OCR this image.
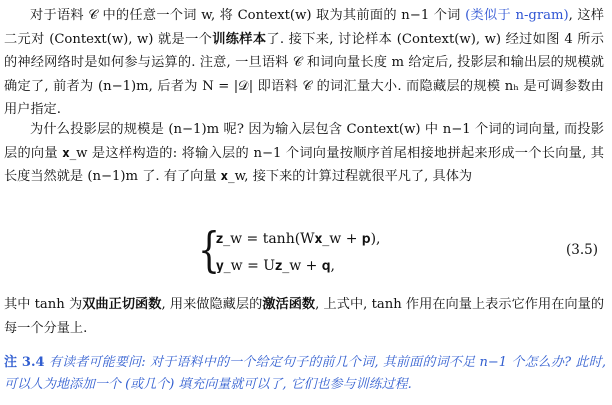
对于语料 𝒞 中的任意一个词 w, 将 Context(w) 取为其前面的 n−1 个词 (类似于 n-gram), 这样二元对 (Context(w), w) 就是一个训练样本了. 接下来, 讨论样本 (Context(w), w) 经过如图 4 所示的神经网络时是如何参与运算的. 注意, 一旦语料 𝒞 和词向量长度 m 给定后, 投影层和输出层的规模就确定了, 前者为 (n−1)m, 后者为 N = |𝒟| 即语料 𝒞 的词汇量大小. 而隐藏层的规模 nₕ 是可调参数由用户指定.

为什么投影层的规模是 (n−1)m 呢? 因为输入层包含 Context(w) 中 n−1 个词的词向量, 而投影层的向量 𝐱_w 是这样构造的: 将输入层的 n−1 个词向量按顺序首尾相接地拼起来形成一个长向量, 其长度当然就是 (n−1)m 了. 有了向量 𝐱_w, 接下来的计算过程就很平凡了, 具体为

{
𝐳_w = tanh(W𝐱_w + 𝐩),
𝐲_w = U𝐳_w + 𝐪,
(3.5)

其中 tanh 为双曲正切函数, 用来做隐藏层的激活函数, 上式中, tanh 作用在向量上表示它作用在向量的每一个分量上.

注 3.4 有读者可能要问: 对于语料中的一个给定句子的前几个词, 其前面的词不足 n−1 个怎么办? 此时, 可以人为地添加一个 (或几个) 填充向量就可以了, 它们也参与训练过程.
